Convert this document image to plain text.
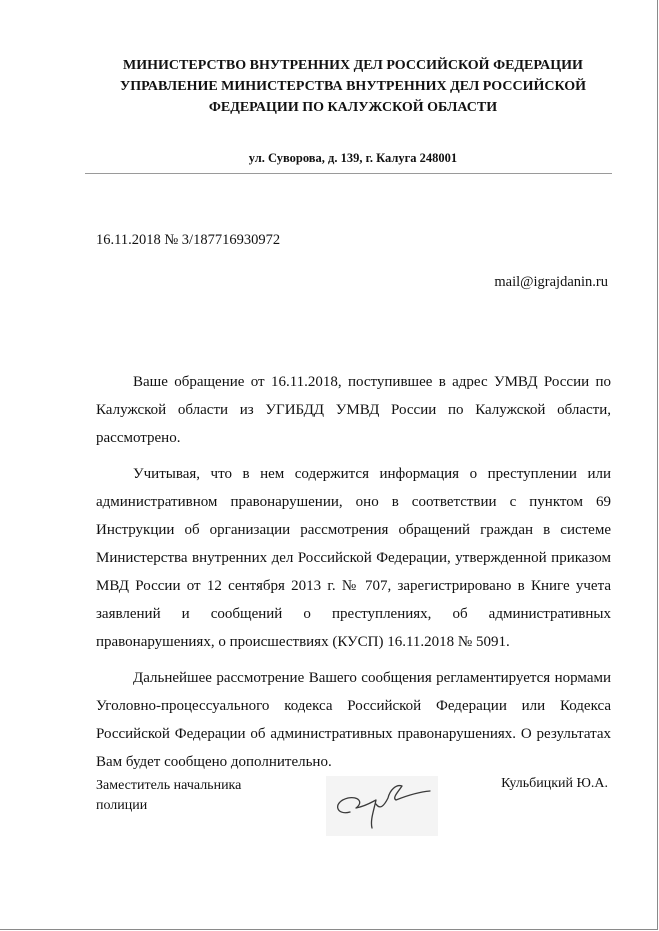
МИНИСТЕРСТВО ВНУТРЕННИХ ДЕЛ РОССИЙСКОЙ ФЕДЕРАЦИИ
УПРАВЛЕНИЕ МИНИСТЕРСТВА ВНУТРЕННИХ ДЕЛ РОССИЙСКОЙ
ФЕДЕРАЦИИ ПО КАЛУЖСКОЙ ОБЛАСТИ
ул. Суворова, д. 139, г. Калуга 248001
16.11.2018 № 3/187716930972
mail@igrajdanin.ru

Ваше обращение от 16.11.2018, поступившее в адрес УМВД России по Калужской области из УГИБДД УМВД России по Калужской области, рассмотрено.

Учитывая, что в нем содержится информация о преступлении или административном правонарушении, оно в соответствии с пунктом 69 Инструкции об организации рассмотрения обращений граждан в системе Министерства внутренних дел Российской Федерации, утвержденной приказом МВД России от 12 сентября 2013 г. № 707, зарегистрировано в Книге учета заявлений и сообщений о преступлениях, об административных правонарушениях, о происшествиях (КУСП) 16.11.2018 № 5091.

Дальнейшее рассмотрение Вашего сообщения регламентируется нормами Уголовно-процессуального кодекса Российской Федерации или Кодекса Российской Федерации об административных правонарушениях. О результатах Вам будет сообщено дополнительно.

Заместитель начальника
полиции
Кульбицкий Ю.А.
